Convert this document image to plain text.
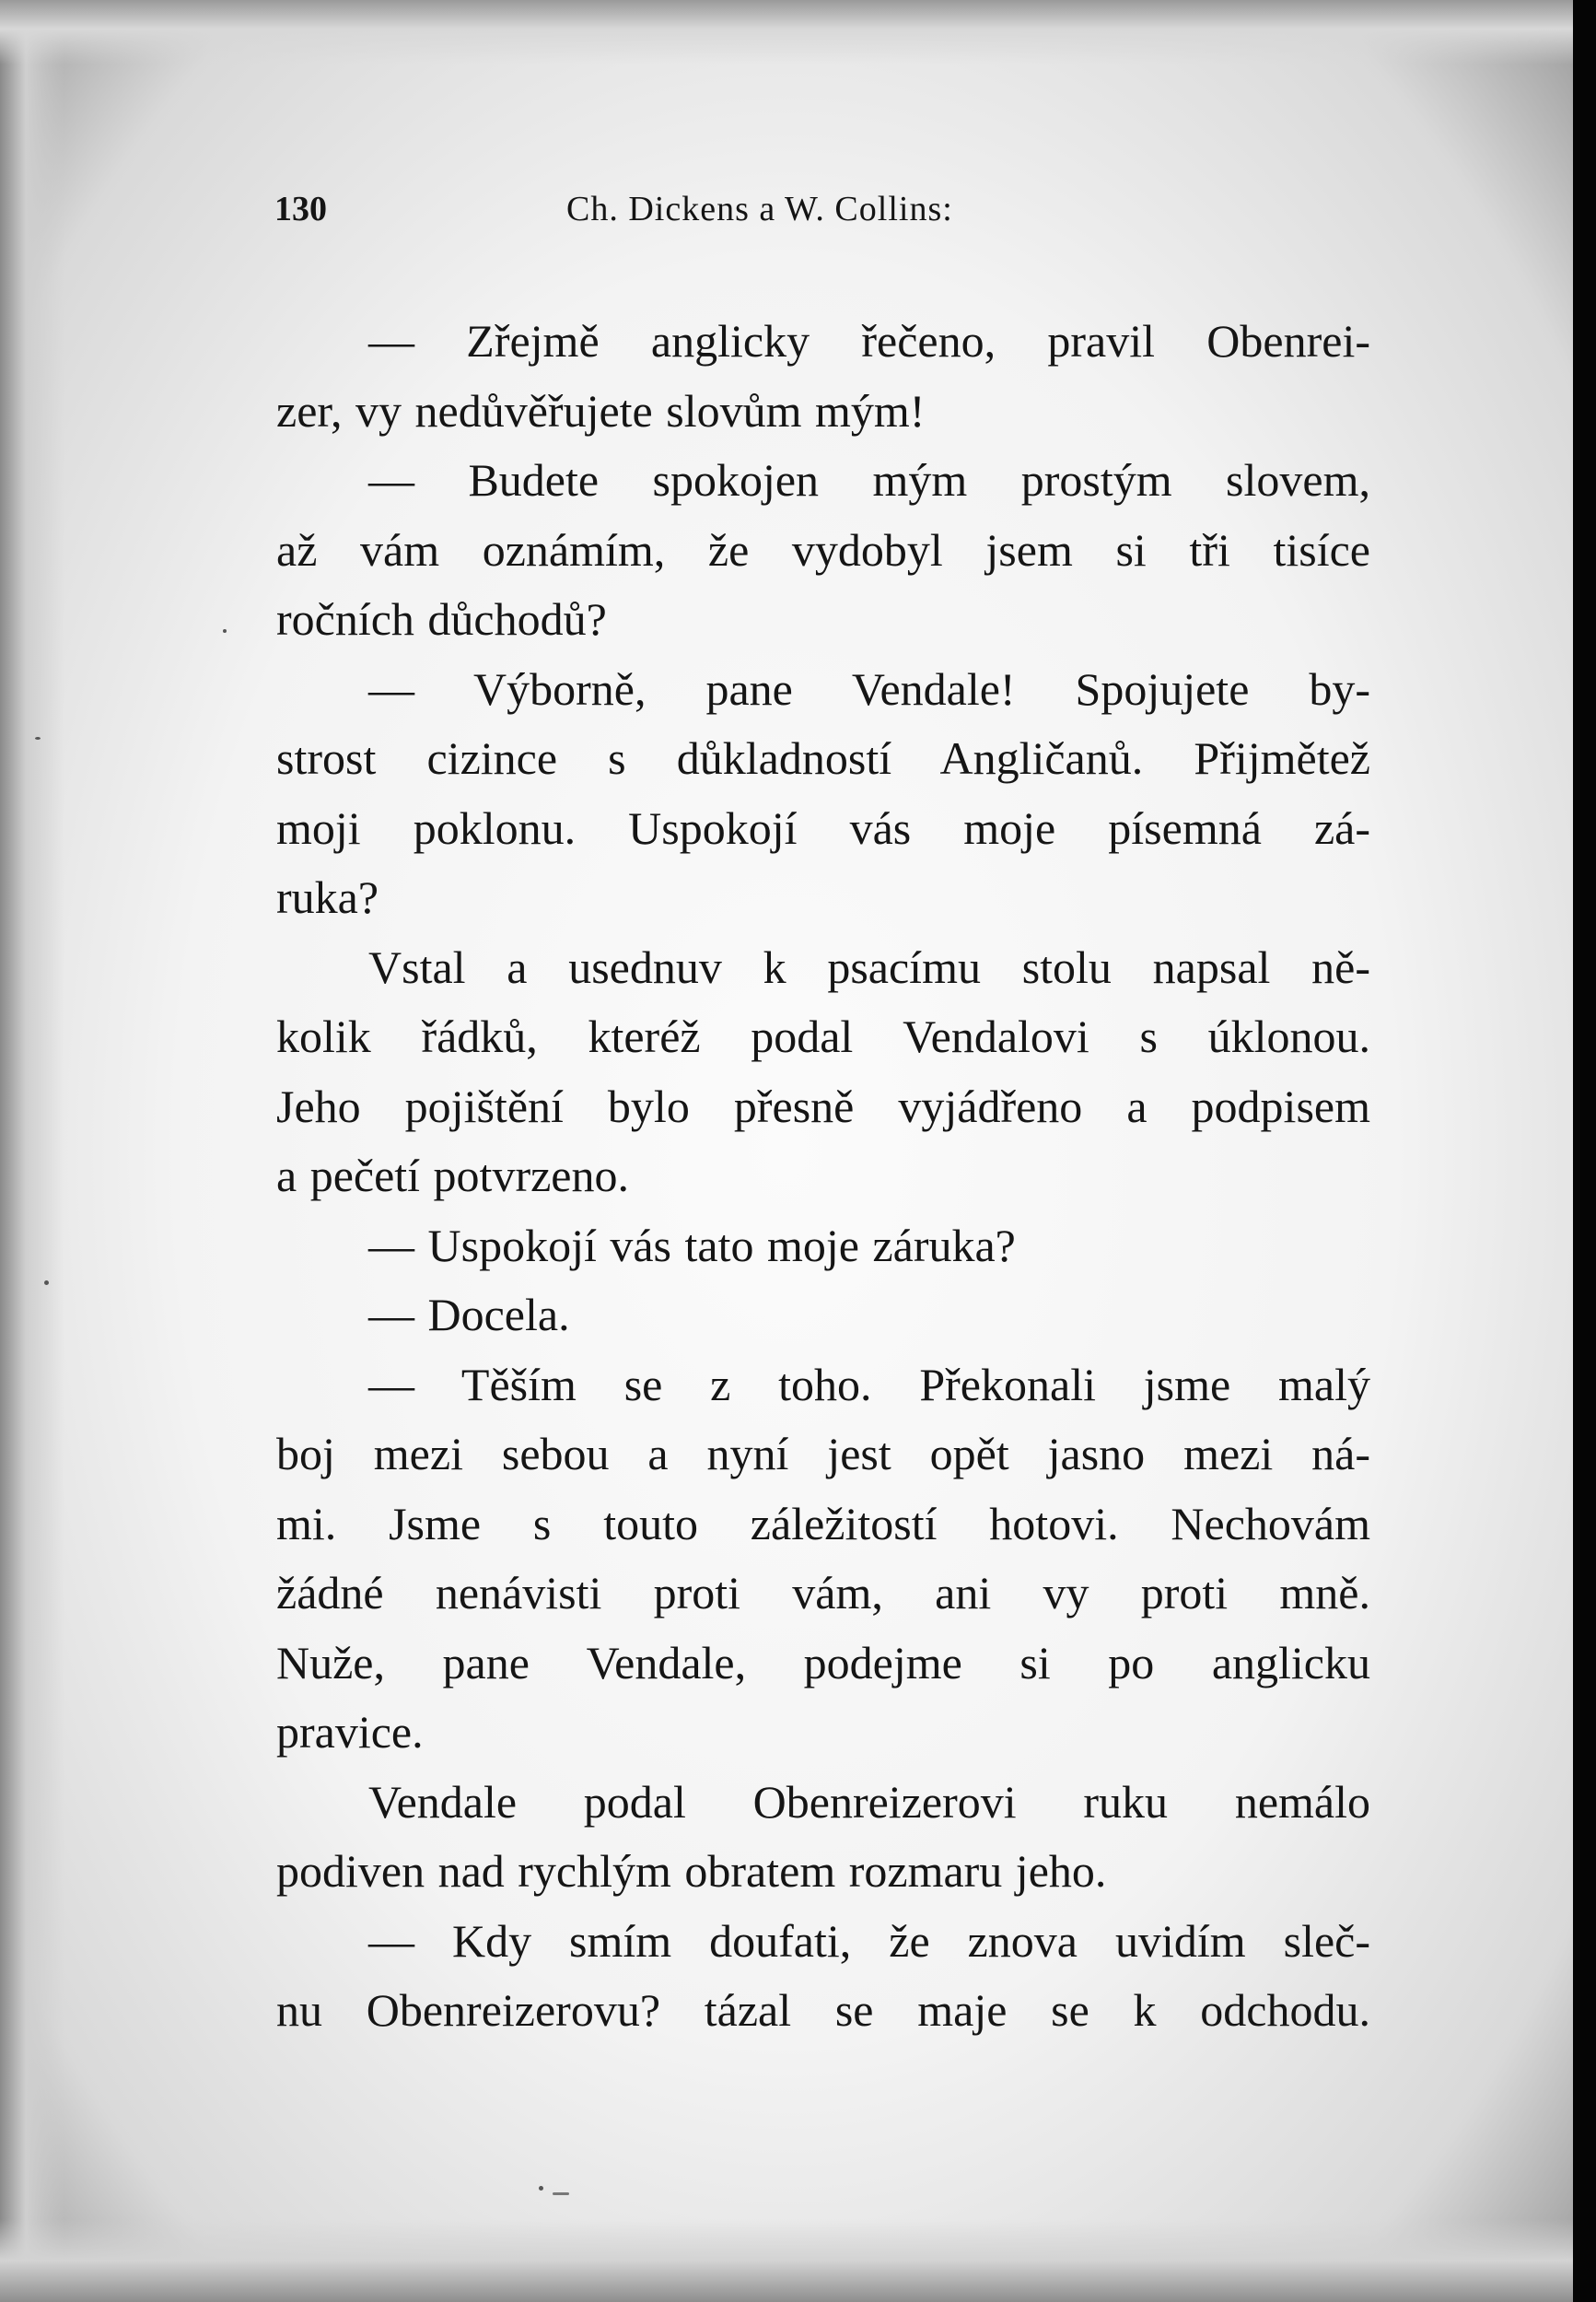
130	Ch. Dickens a W. Collins:
— Zřejmě anglicky řečeno, pravil Obenrei-
zer, vy nedůvěřujete slovům mým!
— Budete spokojen mým prostým slovem,
až vám oznámím, že vydobyl jsem si tři tisíce
ročních důchodů?
— Výborně, pane Vendale! Spojujete by-
strost cizince s důkladností Angličanů. Přijmětež
moji poklonu. Uspokojí vás moje písemná zá-
ruka?
Vstal a usednuv k psacímu stolu napsal ně-
kolik řádků, kteréž podal Vendalovi s úklonou.
Jeho pojištění bylo přesně vyjádřeno a podpisem
a pečetí potvrzeno.
— Uspokojí vás tato moje záruka?
— Docela.
— Těším se z toho. Překonali jsme malý
boj mezi sebou a nyní jest opět jasno mezi ná-
mi. Jsme s touto záležitostí hotovi. Nechovám
žádné nenávisti proti vám, ani vy proti mně.
Nuže, pane Vendale, podejme si po anglicku
pravice.
Vendale podal Obenreizerovi ruku nemálo
podiven nad rychlým obratem rozmaru jeho.
— Kdy smím doufati, že znova uvidím sleč-
nu Obenreizerovu? tázal se maje se k odchodu.
